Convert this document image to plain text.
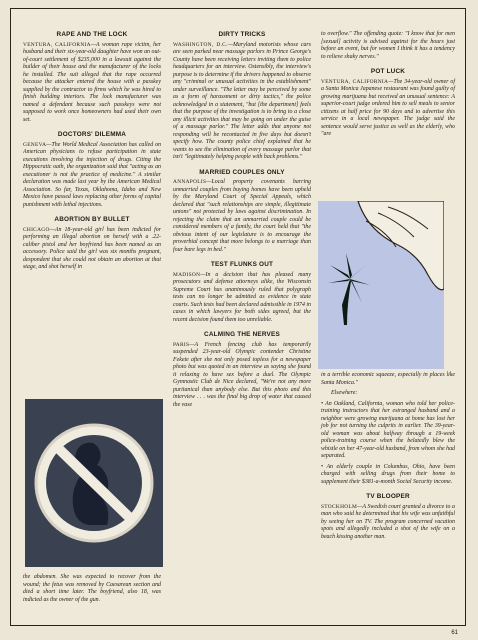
RAPE AND THE LOCK

VENTURA, CALIFORNIA—A woman rape victim, her husband and their six-year-old daughter have won an out-of-court settlement of $235,000 in a lawsuit against the builder of their house and the manufacturer of the locks he installed. The suit alleged that the rape occurred because the attacker entered the house with a passkey supplied by the contractor to firms which he was hired to finish building interiors. The lock manufacturer was named a defendant because such passkeys were not supposed to work once homeowners had used their own set.

DOCTORS' DILEMMA

GENEVA—The World Medical Association has called on American physicians to refuse participation in state executions involving the injection of drugs. Citing the Hippocratic oath, the organization said that "acting as an executioner is not the practice of medicine." A similar declaration was made last year by the American Medical Association. So far, Texas, Oklahoma, Idaho and New Mexico have passed laws replacing other forms of capital punishment with lethal injections.

ABORTION BY BULLET

CHICAGO—An 18-year-old girl has been indicted for performing an illegal abortion on herself with a .22-caliber pistol and her boyfriend has been named as an accessory. Police said the girl was six months pregnant, despondent that she could not obtain an abortion at that stage, and shot herself in

the abdomen. She was expected to recover from the wound; the fetus was removed by Caesarean section and died a short time later. The boyfriend, also 18, was indicted as the owner of the gun.
DIRTY TRICKS

WASHINGTON, D.C.—Maryland motorists whose cars are seen parked near massage parlors in Prince George's County have been receiving letters inviting them to police headquarters for an interview. Ostensibly, the interview's purpose is to determine if the drivers happened to observe any "criminal or unusual activities in the establishment" under surveillance. "The letter may be perceived by some as a form of harassment or dirty tactics," the police acknowledged in a statement, "but [the department] feels that the purpose of the investigation is to bring to a close any illicit activities that may be going on under the guise of a massage parlor." The letter adds that anyone not responding will be recontacted in five days but doesn't specify how. The county police chief explained that he wants to see the elimination of every massage parlor that isn't "legitimately helping people with back problems."

MARRIED COUPLES ONLY

ANNAPOLIS—Local property covenants barring unmarried couples from buying homes have been upheld by the Maryland Court of Special Appeals, which declared that "such relationships are simple, illegitimate unions" not protected by laws against discrimination. In rejecting the claim that an unmarried couple could be considered members of a family, the court held that "the obvious intent of our legislature is to encourage the proverbial concept that more belongs to a marriage than four bare legs in bed."

TEST FLUNKS OUT

MADISON—In a decision that has pleased many prosecutors and defense attorneys alike, the Wisconsin Supreme Court has unanimously ruled that polygraph tests can no longer be admitted as evidence in state courts. Such tests had been declared admissible in 1974 in cases in which lawyers for both sides agreed, but the recent decision found them too unreliable.

CALMING THE NERVES

PARIS—A French fencing club has temporarily suspended 23-year-old Olympic contender Christine Fekete after she not only posed topless for a newspaper photo but was quoted in an interview as saying she found it relaxing to have sex before a duel. The Olympic Gymnastic Club de Nice declared, "We're not any more puritanical than anybody else. But this photo and this interview . . . was the final big drop of water that caused the vase

to overflow." The offending quote: "I know that for men [sexual] activity is advised against for the hours just before an event, but for women I think it has a tendency to relieve shaky nerves."

POT LUCK

VENTURA, CALIFORNIA—The 34-year-old owner of a Santa Monica Japanese restaurant was found guilty of growing marijuana but received an unusual sentence: A superior-court judge ordered him to sell meals to senior citizens at half price for 90 days and to advertise this service in a local newspaper. The judge said the sentence would serve justice as well as the elderly, who "are

in a terrible economic squeeze, especially in places like Santa Monica."

Elsewhere:

• An Oakland, California, woman who told her police-training instructors that her estranged husband and a neighbor were growing marijuana at home has lost her job for not turning the culprits in earlier. The 39-year-old woman was about halfway through a 19-week police-training course when the belatedly blew the whistle on her 47-year-old husband, from whom she had separated.

• An elderly couple in Columbus, Ohio, have been charged with selling drugs from their home to supplement their $381-a-month Social Security income.

TV BLOOPER

STOCKHOLM—A Swedish court granted a divorce to a man who said he determined that his wife was unfaithful by seeing her on TV. The program concerned vacation spots and allegedly included a shot of the wife on a beach kissing another man.

61
